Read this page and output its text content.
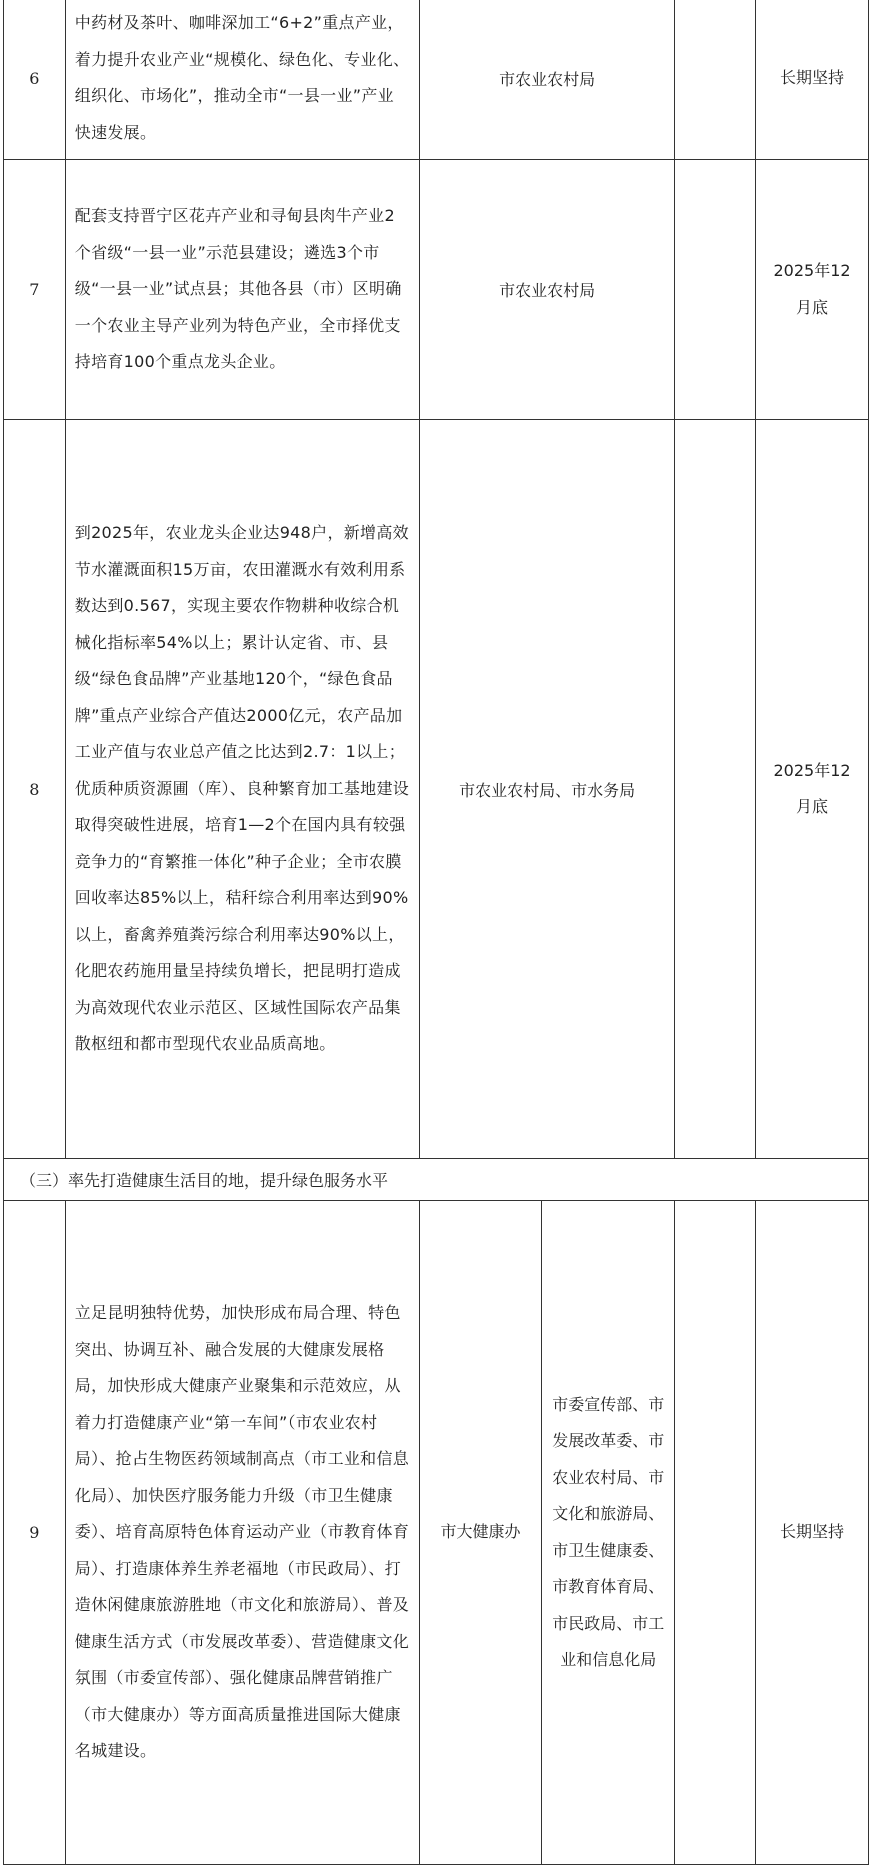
6	中药材及茶叶、咖啡深加工“6+2”重点产业，着力提升农业产业“规模化、绿色化、专业化、组织化、市场化”，推动全市“一县一业”产业快速发展。	市农业农村局			长期坚持
7	配套支持晋宁区花卉产业和寻甸县肉牛产业2个省级“一县一业”示范县建设；遴选3个市级“一县一业”试点县；其他各县（市）区明确一个农业主导产业列为特色产业，全市择优支持培育100个重点龙头企业。	市农业农村局			2025年12月底
8	到2025年，农业龙头企业达948户，新增高效节水灌溉面积15万亩，农田灌溉水有效利用系数达到0.567，实现主要农作物耕种收综合机械化指标率54%以上；累计认定省、市、县级“绿色食品牌”产业基地120个，“绿色食品牌”重点产业综合产值达2000亿元，农产品加工业产值与农业总产值之比达到2.7：1以上；优质种质资源圃（库）、良种繁育加工基地建设取得突破性进展，培育1—2个在国内具有较强竞争力的“育繁推一体化”种子企业；全市农膜回收率达85%以上，秸秆综合利用率达到90%以上，畜禽养殖粪污综合利用率达90%以上，化肥农药施用量呈持续负增长，把昆明打造成为高效现代农业示范区、区域性国际农产品集散枢纽和都市型现代农业品质高地。	市农业农村局、市水务局			2025年12月底
（三）率先打造健康生活目的地，提升绿色服务水平					
9	立足昆明独特优势，加快形成布局合理、特色突出、协调互补、融合发展的大健康发展格局，加快形成大健康产业聚集和示范效应，从着力打造健康产业“第一车间”（市农业农村局）、抢占生物医药领域制高点（市工业和信息化局）、加快医疗服务能力升级（市卫生健康委）、培育高原特色体育运动产业（市教育体育局）、打造康体养生养老福地（市民政局）、打造休闲健康旅游胜地（市文化和旅游局）、普及健康生活方式（市发展改革委）、营造健康文化氛围（市委宣传部）、强化健康品牌营销推广（市大健康办）等方面高质量推进国际大健康名城建设。	市大健康办	市委宣传部、市发展改革委、市农业农村局、市文化和旅游局、市卫生健康委、市教育体育局、市民政局、市工业和信息化局		长期坚持
